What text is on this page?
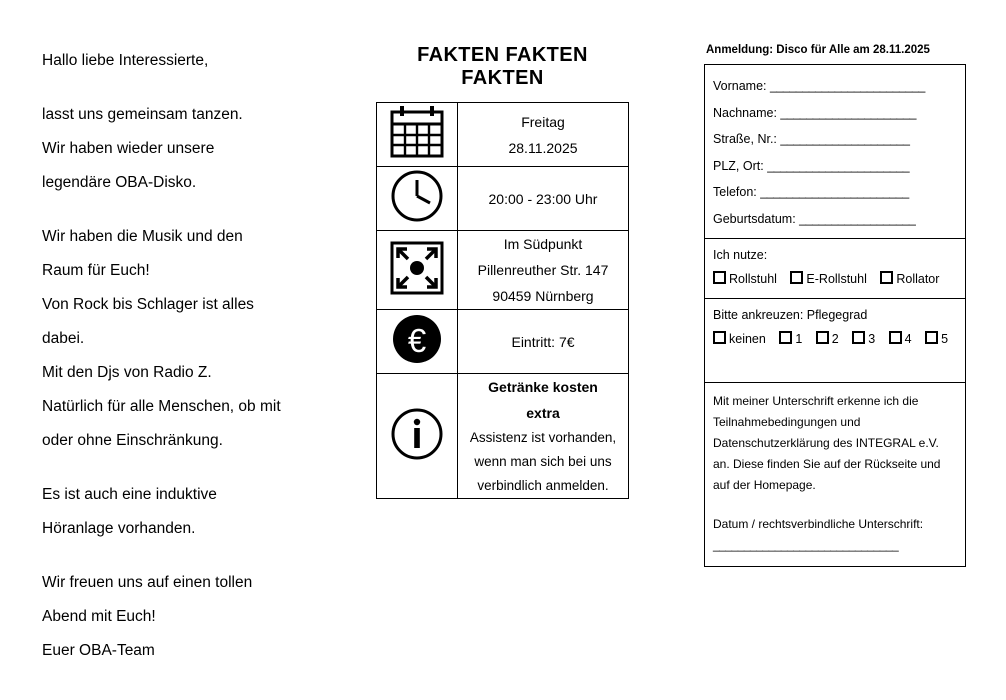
Hallo liebe Interessierte,

lasst uns gemeinsam tanzen.

Wir haben wieder unsere

legendäre OBA-Disko.

Wir haben die Musik und den

Raum für Euch!

Von Rock bis Schlager ist alles

dabei.

Mit den Djs von Radio Z.

Natürlich für alle Menschen, ob mit

oder ohne Einschränkung.

Es ist auch eine induktive

Höranlage vorhanden.

Wir freuen uns auf einen tollen

Abend mit Euch!

Euer OBA-Team

FAKTEN FAKTEN FAKTEN

Freitag
28.11.2025

20:00 - 23:00 Uhr

Im Südpunkt
Pillenreuther Str. 147
90459 Nürnberg

€	Eintritt: 7€

Getränke kosten
extra
Assistenz ist vorhanden,
wenn man sich bei uns
verbindlich anmelden.
Anmeldung: Disco für Alle am 28.11.2025
Vorname: ________________________
Nachname: _____________________
Straße, Nr.: ____________________
PLZ, Ort: ______________________
Telefon: _______________________
Geburtsdatum: __________________
Ich nutze:
Rollstuhl E-Rollstuhl Rollator
Bitte ankreuzen: Pflegegrad
keinen 1 2 3 4 5

Mit meiner Unterschrift erkenne ich die

Teilnahmebedingungen und

Datenschutzerklärung des INTEGRAL e.V.

an. Diese finden Sie auf der Rückseite und

auf der Homepage.

Datum / rechtsverbindliche Unterschrift:

______________________________
